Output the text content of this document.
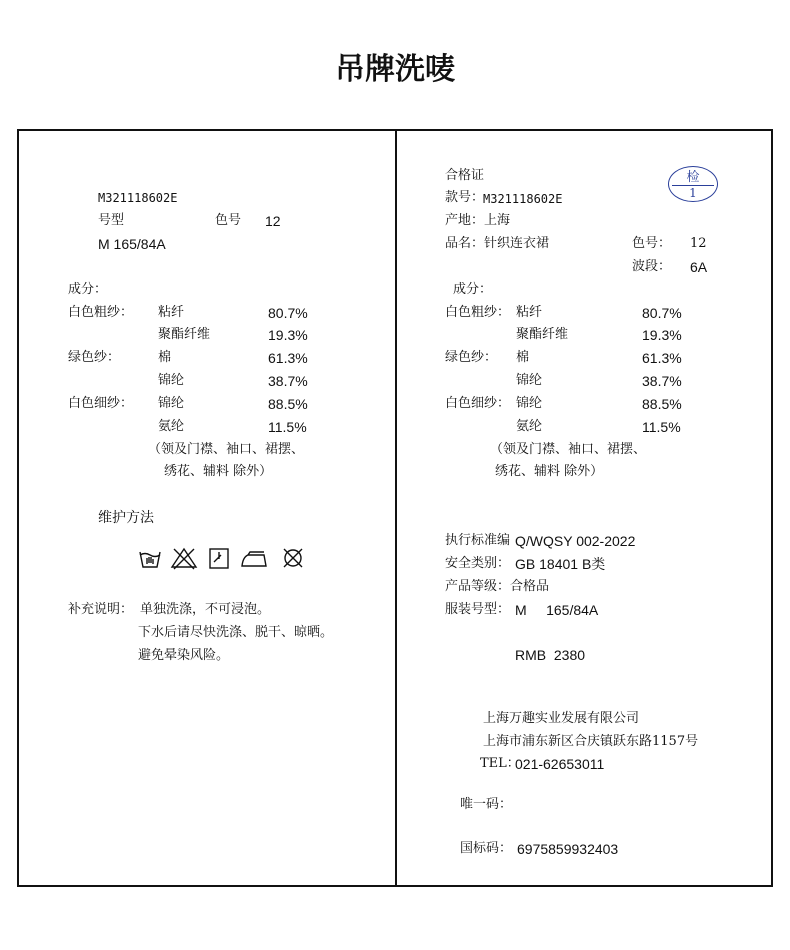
吊牌洗唛
M321118602E
号型	色号 12
M 165/84A
成分：
白色粗纱： 粘纤	80.7%
聚酯纤维	19.3%
绿色纱：	棉	61.3%
锦纶	38.7%
白色细纱： 锦纶	88.5%
氨纶	11.5%
（领及门襟、袖口、裙摆、
绣花、辅料 除外）
维护方法
补充说明： 单独洗涤，不可浸泡。
下水后请尽快洗涤、脱干、晾晒。
避免晕染风险。
合格证	检
1
款号：
M321118602E
产地：上海
品名：针织连衣裙	色号： 12
波段： 6A
成分：
白色粗纱： 粘纤	80.7%
聚酯纤维	19.3%
绿色纱： 棉	61.3%
锦纶	38.7%
白色细纱： 锦纶	88.5%
氨纶	11.5%
（领及门襟、袖口、裙摆、
绣花、辅料 除外）
执行标准编 Q/WQSY 002-2022
安全类别： GB 18401 B类
产品等级：合格品
服装号型： M     165/84A
RMB  2380
上海万趣实业发展有限公司
上海市浦东新区合庆镇跃东路1157号
TEL：
021-62653011
唯一码：
国标码： 6975859932403
